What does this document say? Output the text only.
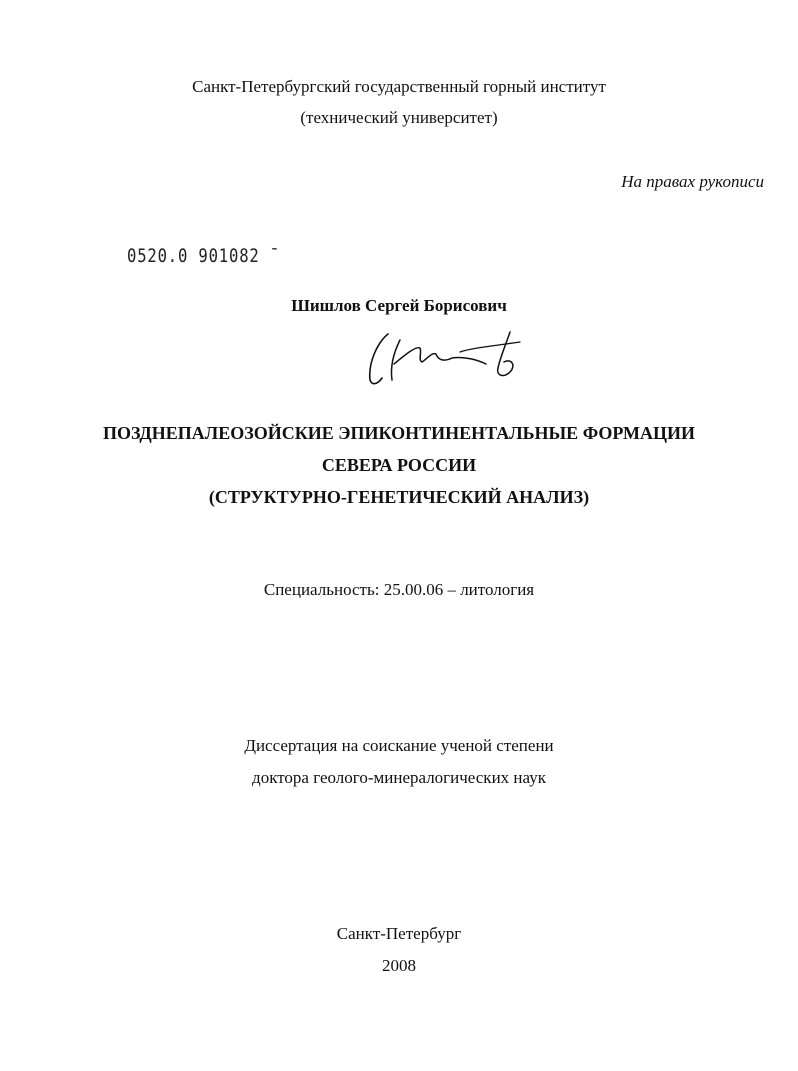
Санкт-Петербургский государственный горный институт
(технический университет)
На правах рукописи
0520.0 901082 ˉ
Шишлов Сергей Борисович
ПОЗДНЕПАЛЕОЗОЙСКИЕ ЭПИКОНТИНЕНТАЛЬНЫЕ ФОРМАЦИИ
СЕВЕРА РОССИИ
(СТРУКТУРНО-ГЕНЕТИЧЕСКИЙ АНАЛИЗ)
Специальность: 25.00.06 – литология
Диссертация на соискание ученой степени
доктора геолого-минералогических наук
Санкт-Петербург
2008
